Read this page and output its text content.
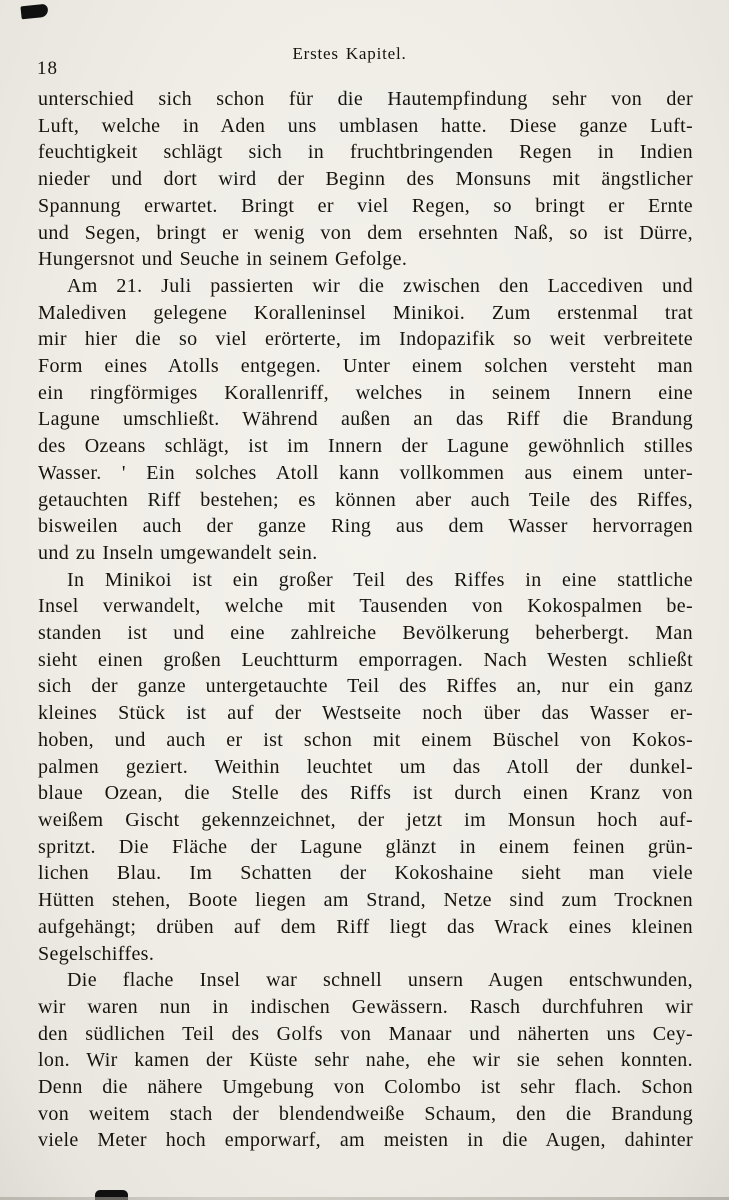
18
Erstes Kapitel.
unterschied sich schon für die Hautempfindung sehr von der
Luft, welche in Aden uns umblasen hatte. Diese ganze Luft-
feuchtigkeit schlägt sich in fruchtbringenden Regen in Indien
nieder und dort wird der Beginn des Monsuns mit ängstlicher
Spannung erwartet. Bringt er viel Regen, so bringt er Ernte
und Segen, bringt er wenig von dem ersehnten Naß, so ist Dürre,
Hungersnot und Seuche in seinem Gefolge.
Am 21. Juli passierten wir die zwischen den Laccediven und
Malediven gelegene Koralleninsel Minikoi. Zum erstenmal trat
mir hier die so viel erörterte, im Indopazifik so weit verbreitete
Form eines Atolls entgegen. Unter einem solchen versteht man
ein ringförmiges Korallenriff, welches in seinem Innern eine
Lagune umschließt. Während außen an das Riff die Brandung
des Ozeans schlägt, ist im Innern der Lagune gewöhnlich stilles
Wasser. ' Ein solches Atoll kann vollkommen aus einem unter-
getauchten Riff bestehen; es können aber auch Teile des Riffes,
bisweilen auch der ganze Ring aus dem Wasser hervorragen
und zu Inseln umgewandelt sein.
In Minikoi ist ein großer Teil des Riffes in eine stattliche
Insel verwandelt, welche mit Tausenden von Kokospalmen be-
standen ist und eine zahlreiche Bevölkerung beherbergt. Man
sieht einen großen Leuchtturm emporragen. Nach Westen schließt
sich der ganze untergetauchte Teil des Riffes an, nur ein ganz
kleines Stück ist auf der Westseite noch über das Wasser er-
hoben, und auch er ist schon mit einem Büschel von Kokos-
palmen geziert. Weithin leuchtet um das Atoll der dunkel-
blaue Ozean, die Stelle des Riffs ist durch einen Kranz von
weißem Gischt gekennzeichnet, der jetzt im Monsun hoch auf-
spritzt. Die Fläche der Lagune glänzt in einem feinen grün-
lichen Blau. Im Schatten der Kokoshaine sieht man viele
Hütten stehen, Boote liegen am Strand, Netze sind zum Trocknen
aufgehängt; drüben auf dem Riff liegt das Wrack eines kleinen
Segelschiffes.
Die flache Insel war schnell unsern Augen entschwunden,
wir waren nun in indischen Gewässern. Rasch durchfuhren wir
den südlichen Teil des Golfs von Manaar und näherten uns Cey-
lon. Wir kamen der Küste sehr nahe, ehe wir sie sehen konnten.
Denn die nähere Umgebung von Colombo ist sehr flach. Schon
von weitem stach der blendendweiße Schaum, den die Brandung
viele Meter hoch emporwarf, am meisten in die Augen, dahinter
